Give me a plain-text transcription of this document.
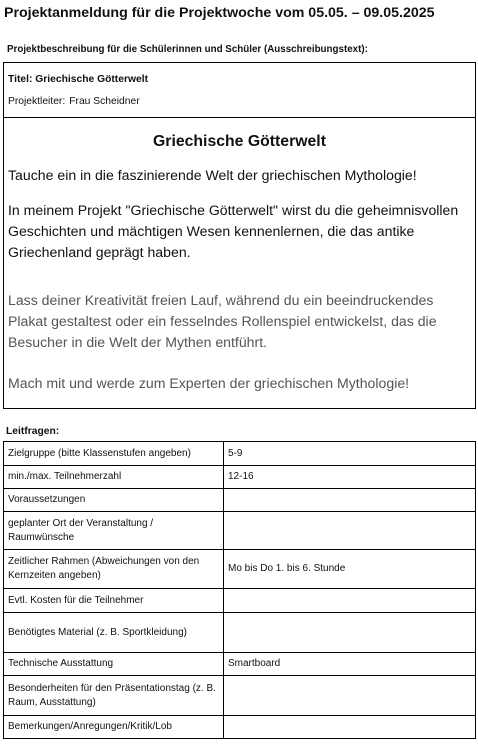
Projektanmeldung für die Projektwoche vom 05.05. – 09.05.2025
Projektbeschreibung für die Schülerinnen und Schüler (Ausschreibungstext):
Titel: Griechische Götterwelt
Projektleiter: Frau Scheidner
Griechische Götterwelt
Tauche ein in die faszinierende Welt der griechischen Mythologie!
In meinem Projekt "Griechische Götterwelt" wirst du die geheimnisvollen Geschichten und mächtigen Wesen kennenlernen, die das antike Griechenland geprägt haben.
Lass deiner Kreativität freien Lauf, während du ein beeindruckendes Plakat gestaltest oder ein fesselndes Rollenspiel entwickelst, das die Besucher in die Welt der Mythen entführt.
Mach mit und werde zum Experten der griechischen Mythologie!
Leitfragen:
Zielgruppe (bitte Klassenstufen angeben)	5-9
min./max. Teilnehmerzahl	12-16
Voraussetzungen	
geplanter Ort der Veranstaltung / Raumwünsche	
Zeitlicher Rahmen (Abweichungen von den Kernzeiten angeben)	Mo bis Do 1. bis 6. Stunde
Evtl. Kosten für die Teilnehmer	
Benötigtes Material (z. B. Sportkleidung)	
Technische Ausstattung	Smartboard
Besonderheiten für den Präsentationstag (z. B. Raum, Ausstattung)	
Bemerkungen/Anregungen/Kritik/Lob	
